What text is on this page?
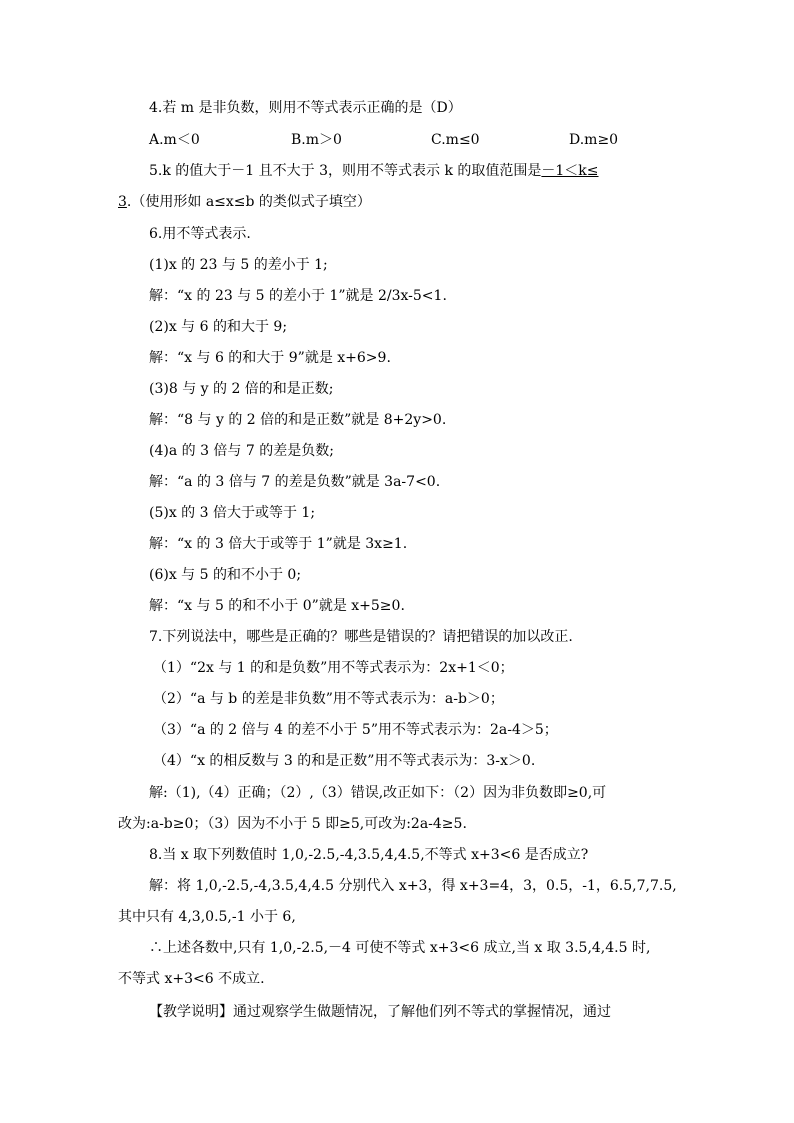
4.若 m 是非负数，则用不等式表示正确的是（D）
A.m＜0	B.m＞0	C.m≤0	D.m≥0
5.k 的值大于－1 且不大于 3，则用不等式表示 k 的取值范围是－1＜k≤
3.（使用形如 a≤x≤b 的类似式子填空）
6.用不等式表示.
(1)x 的 23 与 5 的差小于 1;
解：“x 的 23 与 5 的差小于 1”就是 2/3x-5<1.
(2)x 与 6 的和大于 9;
解：“x 与 6 的和大于 9”就是 x+6>9.
(3)8 与 y 的 2 倍的和是正数;
解：“8 与 y 的 2 倍的和是正数”就是 8+2y>0.
(4)a 的 3 倍与 7 的差是负数;
解：“a 的 3 倍与 7 的差是负数”就是 3a-7<0.
(5)x 的 3 倍大于或等于 1;
解：“x 的 3 倍大于或等于 1”就是 3x≥1.
(6)x 与 5 的和不小于 0;
解：“x 与 5 的和不小于 0”就是 x+5≥0.
7.下列说法中，哪些是正确的？哪些是错误的？请把错误的加以改正.
（1）“2x 与 1 的和是负数”用不等式表示为：2x+1＜0；
（2）“a 与 b 的差是非负数”用不等式表示为：a-b＞0；
（3）“a 的 2 倍与 4 的差不小于 5”用不等式表示为：2a-4＞5；
（4）“x 的相反数与 3 的和是正数”用不等式表示为：3-x＞0.
解:（1),（4）正确；（2）,（3）错误,改正如下：（2）因为非负数即≥0,可
改为:a-b≥0；（3）因为不小于 5 即≥5,可改为:2a-4≥5.
8.当 x 取下列数值时 1,0,-2.5,-4,3.5,4,4.5,不等式 x+3<6 是否成立?
解：将 1,0,-2.5,-4,3.5,4,4.5 分别代入 x+3，得 x+3=4，3，0.5，-1，6.5,7,7.5,
其中只有 4,3,0.5,-1 小于 6,
∴上述各数中,只有 1,0,-2.5,－4 可使不等式 x+3<6 成立,当 x 取 3.5,4,4.5 时,
不等式 x+3<6 不成立.
【教学说明】通过观察学生做题情况，了解他们列不等式的掌握情况，通过
